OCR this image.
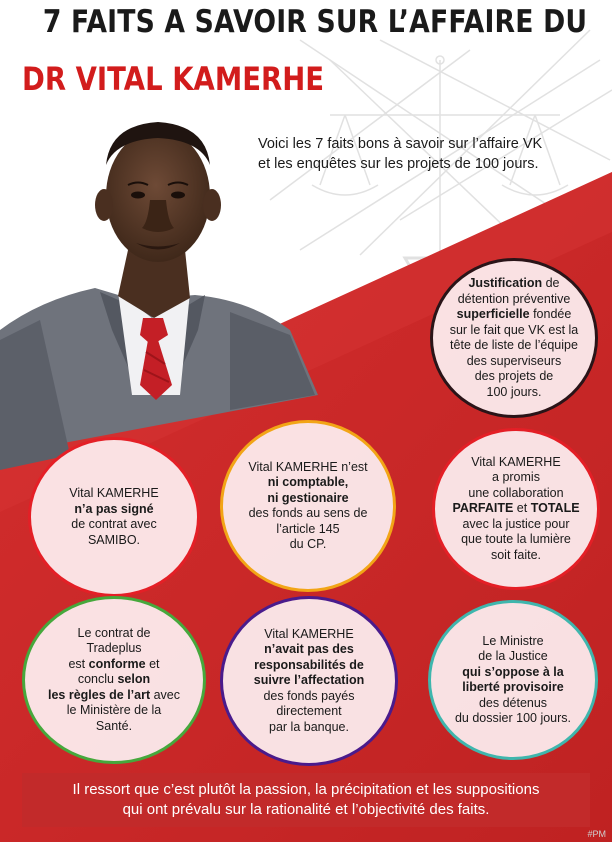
7 FAITS A SAVOIR SUR L’AFFAIRE DU
DR VITAL KAMERHE
Voici les 7 faits bons à savoir sur l’affaire VK
et les enquêtes sur les projets de 100 jours.
Justification de
détention préventive
superficielle fondée
sur le fait que VK est la
tête de liste de l’équipe
des superviseurs
des projets de
100 jours.
Vital KAMERHE
n’a pas signé
de contrat avec
SAMIBO.
Vital KAMERHE n’est
ni comptable,
ni gestionaire
des fonds au sens de
l’article 145
du CP.
Vital KAMERHE
a promis
une collaboration
PARFAITE et TOTALE
avec la justice pour
que toute la lumière
soit faite.
Le contrat de
Tradeplus
est conforme et
conclu selon
les règles de l’art avec
le Ministère de la
Santé.
Vital KAMERHE
n’avait pas des
responsabilités de
suivre l’affectation
des fonds payés
directement
par la banque.
Le Ministre
de la Justice
qui s’oppose à la
liberté provisoire
des détenus
du dossier 100 jours.
Il ressort que c’est plutôt la passion, la précipitation et les suppositions
qui ont prévalu sur la rationalité et l’objectivité des faits.
#PM
